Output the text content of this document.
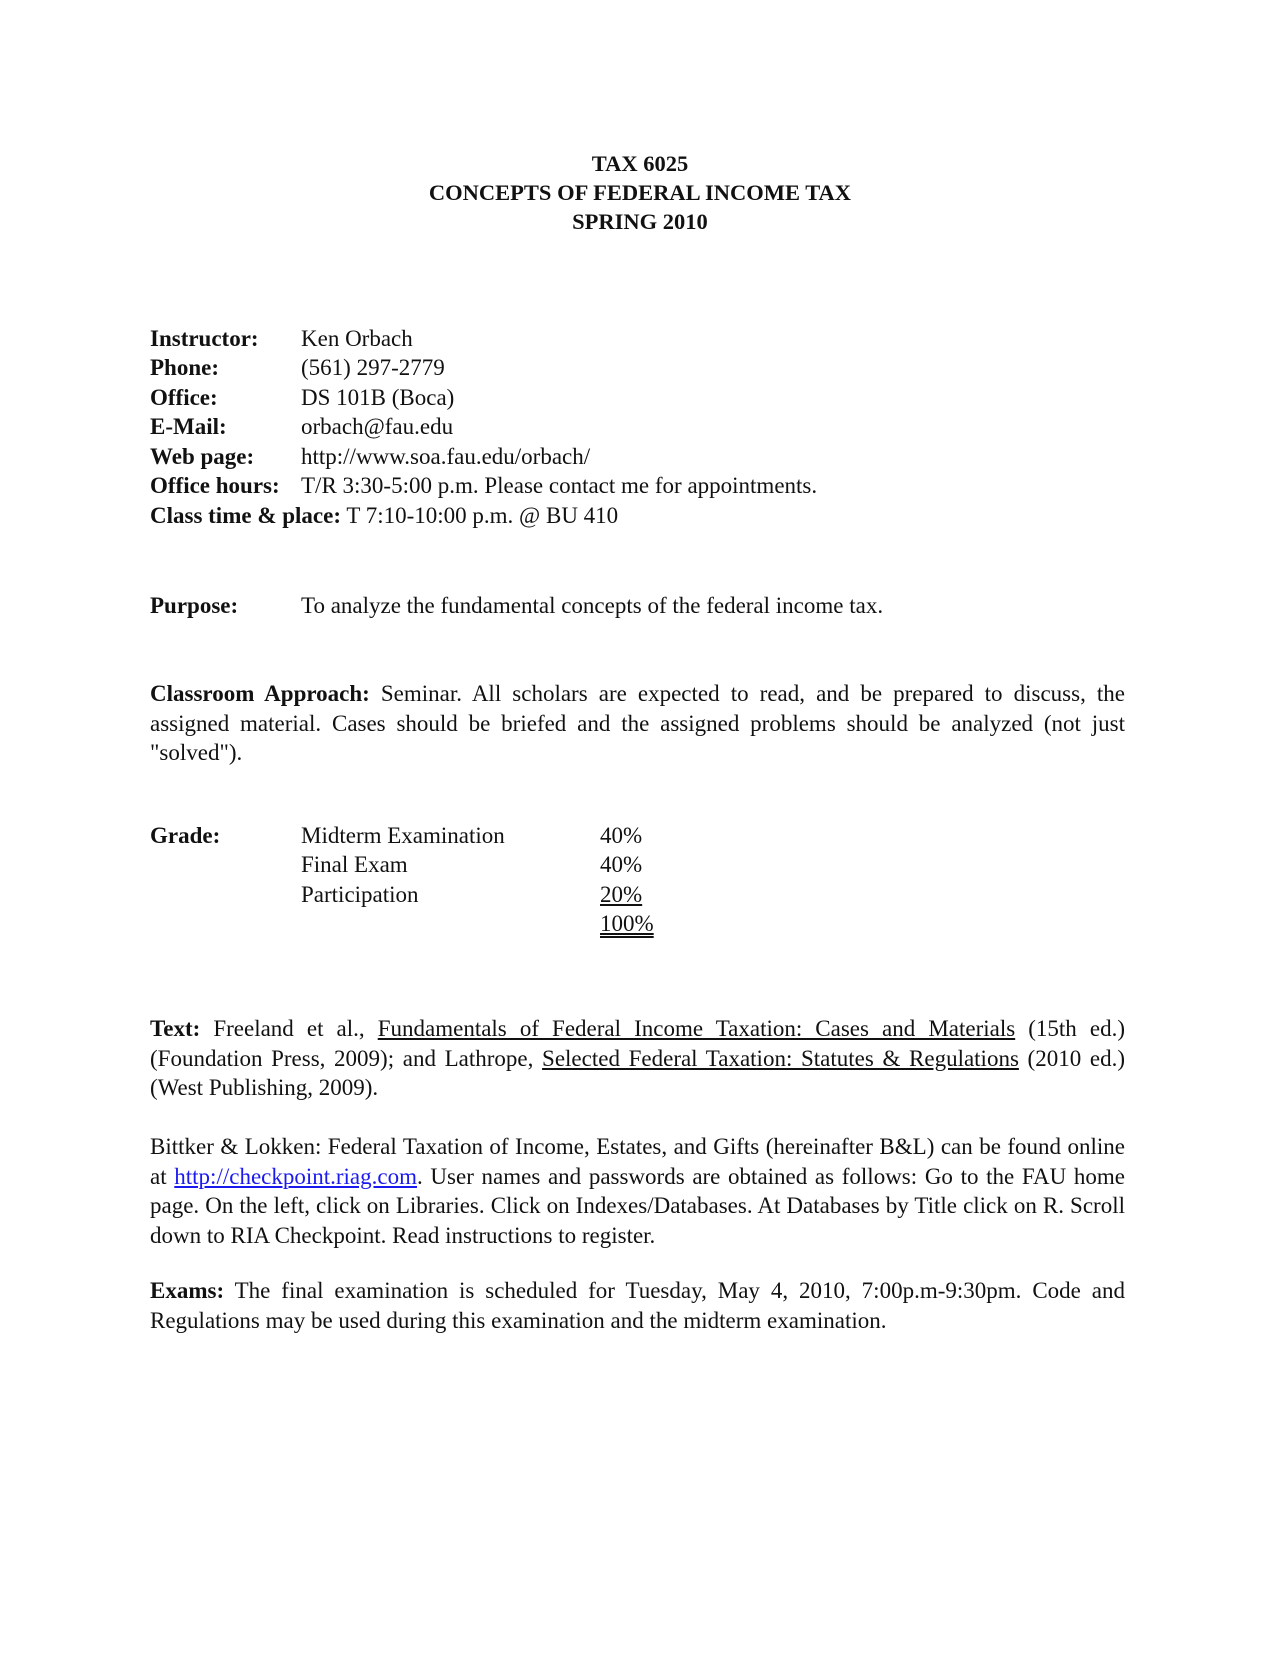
TAX 6025
CONCEPTS OF FEDERAL INCOME TAX
SPRING 2010
Instructor: Ken Orbach
Phone:	(561) 297-2779
Office:	DS 101B (Boca)
E-Mail:	orbach@fau.edu
Web page: http://www.soa.fau.edu/orbach/
Office hours: T/R 3:30-5:00 p.m. Please contact me for appointments.
Class time & place: T 7:10-10:00 p.m. @ BU 410
Purpose:	To analyze the fundamental concepts of the federal income tax.
Classroom Approach: Seminar. All scholars are expected to read, and be prepared to discuss, the assigned material. Cases should be briefed and the assigned problems should be analyzed (not just "solved").
Grade:	Midterm Examination	40%
Final Exam	40%
Participation	20%
100%
Text: Freeland et al., Fundamentals of Federal Income Taxation: Cases and Materials (15th ed.) (Foundation Press, 2009); and Lathrope, Selected Federal Taxation: Statutes & Regulations (2010 ed.) (West Publishing, 2009).
Bittker & Lokken: Federal Taxation of Income, Estates, and Gifts (hereinafter B&L) can be found online at http://checkpoint.riag.com. User names and passwords are obtained as follows: Go to the FAU home page. On the left, click on Libraries. Click on Indexes/Databases. At Databases by Title click on R. Scroll down to RIA Checkpoint. Read instructions to register.
Exams: The final examination is scheduled for Tuesday, May 4, 2010, 7:00p.m-9:30pm. Code and Regulations may be used during this examination and the midterm examination.
